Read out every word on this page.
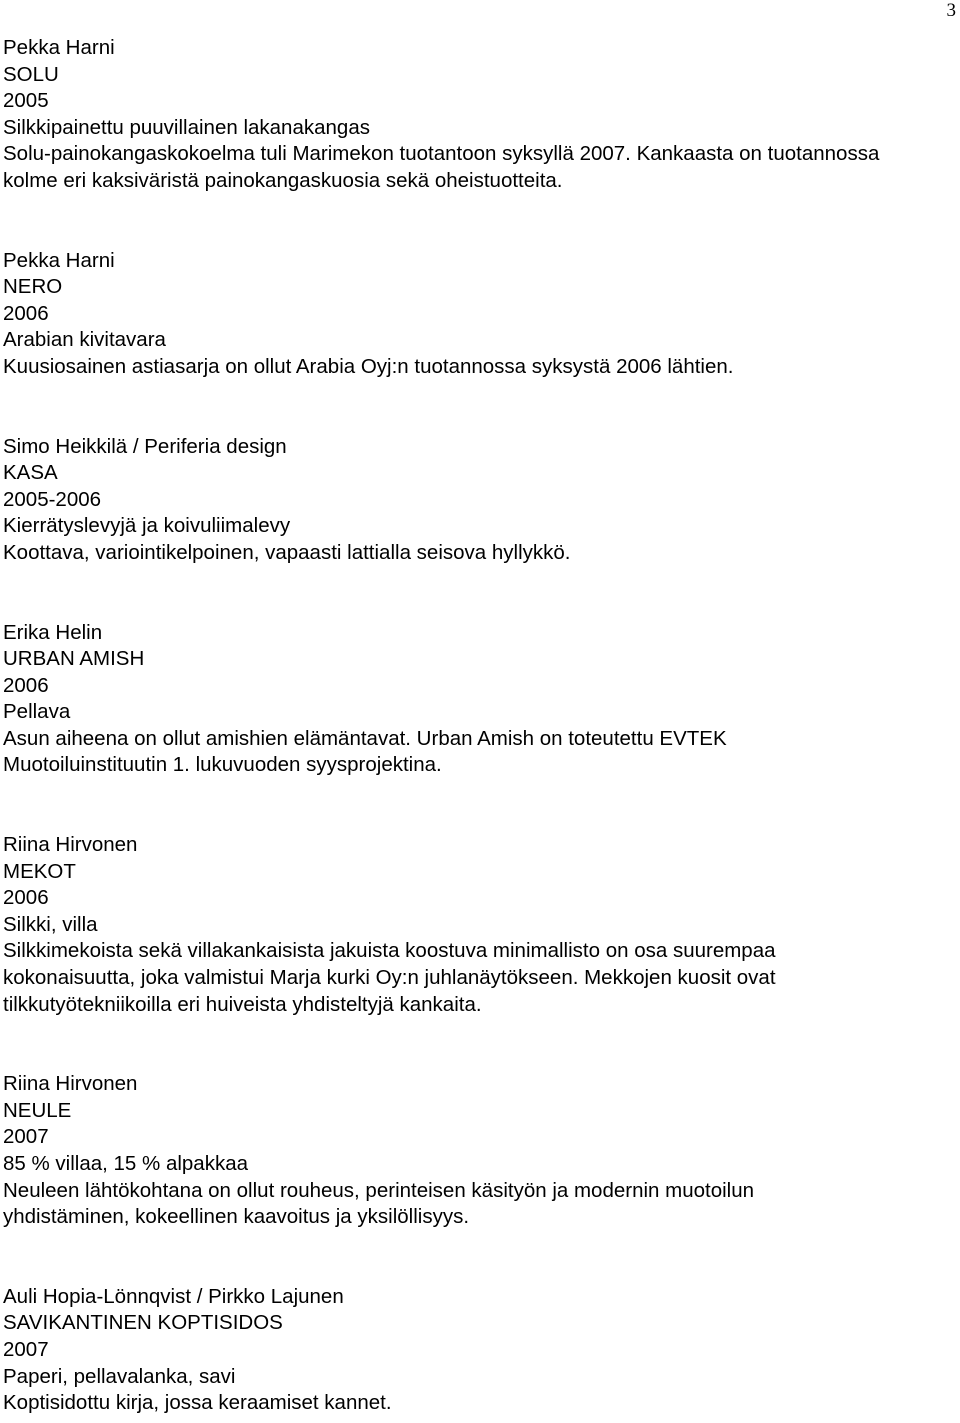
3
Pekka Harni
SOLU
2005
Silkkipainettu puuvillainen lakanakangas
Solu-painokangaskokoelma tuli Marimekon tuotantoon syksyllä 2007. Kankaasta on tuotannossa kolme eri kaksiväristä painokangaskuosia sekä oheistuotteita.
Pekka Harni
NERO
2006
Arabian kivitavara
Kuusiosainen astiasarja on ollut Arabia Oyj:n tuotannossa syksystä 2006 lähtien.
Simo Heikkilä / Periferia design
KASA
2005-2006
Kierrätyslevyjä ja koivuliimalevy
Koottava, variointikelpoinen, vapaasti lattialla seisova hyllykkö.
Erika Helin
URBAN AMISH
2006
Pellava
Asun aiheena on ollut amishien elämäntavat. Urban Amish on toteutettu EVTEK Muotoiluinstituutin 1. lukuvuoden syysprojektina.
Riina Hirvonen
MEKOT
2006
Silkki, villa
Silkkimekoista sekä villakankaisista jakuista koostuva minimallisto on osa suurempaa kokonaisuutta, joka valmistui Marja kurki Oy:n juhlanäytökseen. Mekkojen kuosit ovat tilkkutyötekniikoilla eri huiveista yhdisteltyjä kankaita.
Riina Hirvonen
NEULE
2007
85 % villaa, 15 % alpakkaa
Neuleen lähtökohtana on ollut rouheus, perinteisen käsityön ja modernin muotoilun yhdistäminen, kokeellinen kaavoitus ja yksilöllisyys.
Auli Hopia-Lönnqvist / Pirkko Lajunen
SAVIKANTINEN KOPTISIDOS
2007
Paperi, pellavalanka, savi
Koptisidottu kirja, jossa keraamiset kannet.
